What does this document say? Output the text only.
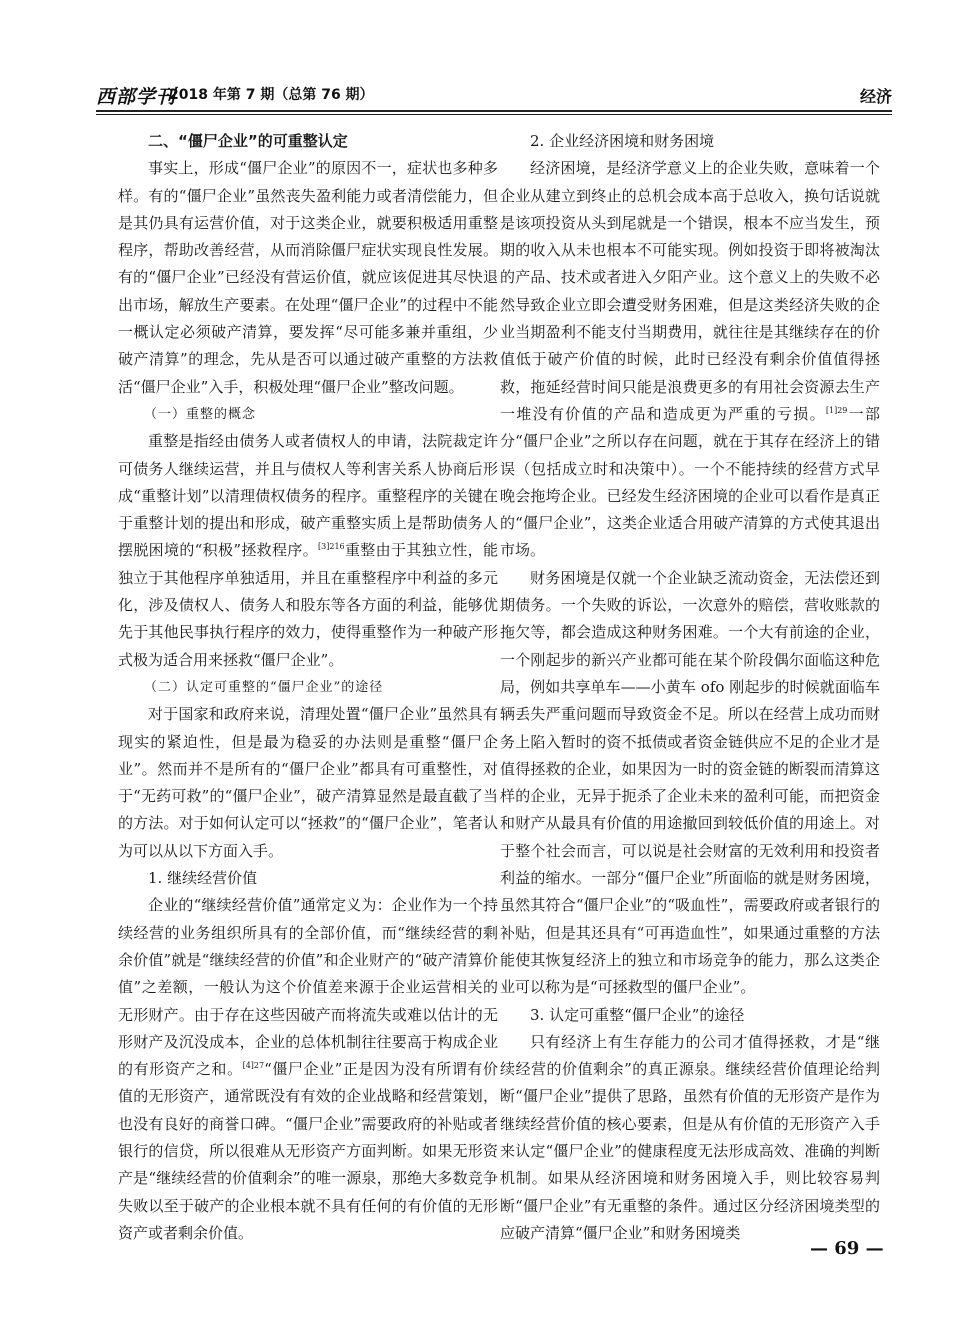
西部学刊
2018 年第 7 期（总第 76 期）	经济
二、“僵尸企业”的可重整认定

事实上，形成“僵尸企业”的原因不一，症状也多种多样。有的“僵尸企业”虽然丧失盈利能力或者清偿能力，但是其仍具有运营价值，对于这类企业，就要积极适用重整程序，帮助改善经营，从而消除僵尸症状实现良性发展。有的“僵尸企业”已经没有营运价值，就应该促进其尽快退出市场，解放生产要素。在处理“僵尸企业”的过程中不能一概认定必须破产清算，要发挥“尽可能多兼并重组，少破产清算”的理念，先从是否可以通过破产重整的方法救活“僵尸企业”入手，积极处理“僵尸企业”整改问题。

（一）重整的概念

重整是指经由债务人或者债权人的申请，法院裁定许可债务人继续运营，并且与债权人等利害关系人协商后形成“重整计划”以清理债权债务的程序。重整程序的关键在于重整计划的提出和形成，破产重整实质上是帮助债务人摆脱困境的“积极”拯救程序。$^{[3]216}$重整由于其独立性，能独立于其他程序单独适用，并且在重整程序中利益的多元化，涉及债权人、债务人和股东等各方面的利益，能够优先于其他民事执行程序的效力，使得重整作为一种破产形式极为适合用来拯救“僵尸企业”。

（二）认定可重整的“僵尸企业”的途径

对于国家和政府来说，清理处置“僵尸企业”虽然具有现实的紧迫性，但是最为稳妥的办法则是重整“僵尸企业”。然而并不是所有的“僵尸企业”都具有可重整性，对于“无药可救”的“僵尸企业”，破产清算显然是最直截了当的方法。对于如何认定可以“拯救”的“僵尸企业”，笔者认为可以从以下方面入手。

1. 继续经营价值

企业的“继续经营价值”通常定义为：企业作为一个持续经营的业务组织所具有的全部价值，而“继续经营的剩余价值”就是“继续经营的价值”和企业财产的“破产清算价值”之差额，一般认为这个价值差来源于企业运营相关的无形财产。由于存在这些因破产而将流失或难以估计的无形财产及沉没成本，企业的总体机制往往要高于构成企业的有形资产之和。$^{[4]27}$“僵尸企业”正是因为没有所谓有价值的无形资产，通常既没有有效的企业战略和经营策划，也没有良好的商誉口碑。“僵尸企业”需要政府的补贴或者银行的信贷，所以很难从无形资产方面判断。如果无形资产是“继续经营的价值剩余”的唯一源泉，那绝大多数竞争失败以至于破产的企业根本就不具有任何的有价值的无形资产或者剩余价值。

2. 企业经济困境和财务困境

经济困境，是经济学意义上的企业失败，意味着一个企业从建立到终止的总机会成本高于总收入，换句话说就是该项投资从头到尾就是一个错误，根本不应当发生，预期的收入从未也根本不可能实现。例如投资于即将被淘汰的产品、技术或者进入夕阳产业。这个意义上的失败不必然导致企业立即会遭受财务困难，但是这类经济失败的企业当期盈利不能支付当期费用，就往往是其继续存在的价值低于破产价值的时候，此时已经没有剩余价值值得拯救，拖延经营时间只能是浪费更多的有用社会资源去生产一堆没有价值的产品和造成更为严重的亏损。$^{[1]29}$一部分“僵尸企业”之所以存在问题，就在于其存在经济上的错误（包括成立时和决策中）。一个不能持续的经营方式早晚会拖垮企业。已经发生经济困境的企业可以看作是真正的“僵尸企业”，这类企业适合用破产清算的方式使其退出市场。

财务困境是仅就一个企业缺乏流动资金，无法偿还到期债务。一个失败的诉讼，一次意外的赔偿，营收账款的拖欠等，都会造成这种财务困难。一个大有前途的企业，一个刚起步的新兴产业都可能在某个阶段偶尔面临这种危局，例如共享单车——小黄车 ofo 刚起步的时候就面临车辆丢失严重问题而导致资金不足。所以在经营上成功而财务上陷入暂时的资不抵债或者资金链供应不足的企业才是值得拯救的企业，如果因为一时的资金链的断裂而清算这样的企业，无异于扼杀了企业未来的盈利可能，而把资金和财产从最具有价值的用途撤回到较低价值的用途上。对于整个社会而言，可以说是社会财富的无效利用和投资者利益的缩水。一部分“僵尸企业”所面临的就是财务困境，虽然其符合“僵尸企业”的“吸血性”，需要政府或者银行的补贴，但是其还具有“可再造血性”，如果通过重整的方法能使其恢复经济上的独立和市场竞争的能力，那么这类企业可以称为是“可拯救型的僵尸企业”。

3. 认定可重整“僵尸企业”的途径

只有经济上有生存能力的公司才值得拯救，才是“继续经营的价值剩余”的真正源泉。继续经营价值理论给判断“僵尸企业”提供了思路，虽然有价值的无形资产是作为继续经营价值的核心要素，但是从有价值的无形资产入手来认定“僵尸企业”的健康程度无法形成高效、准确的判断机制。如果从经济困境和财务困境入手，则比较容易判断“僵尸企业”有无重整的条件。通过区分经济困境类型的应破产清算“僵尸企业”和财务困境类

— 69 —
